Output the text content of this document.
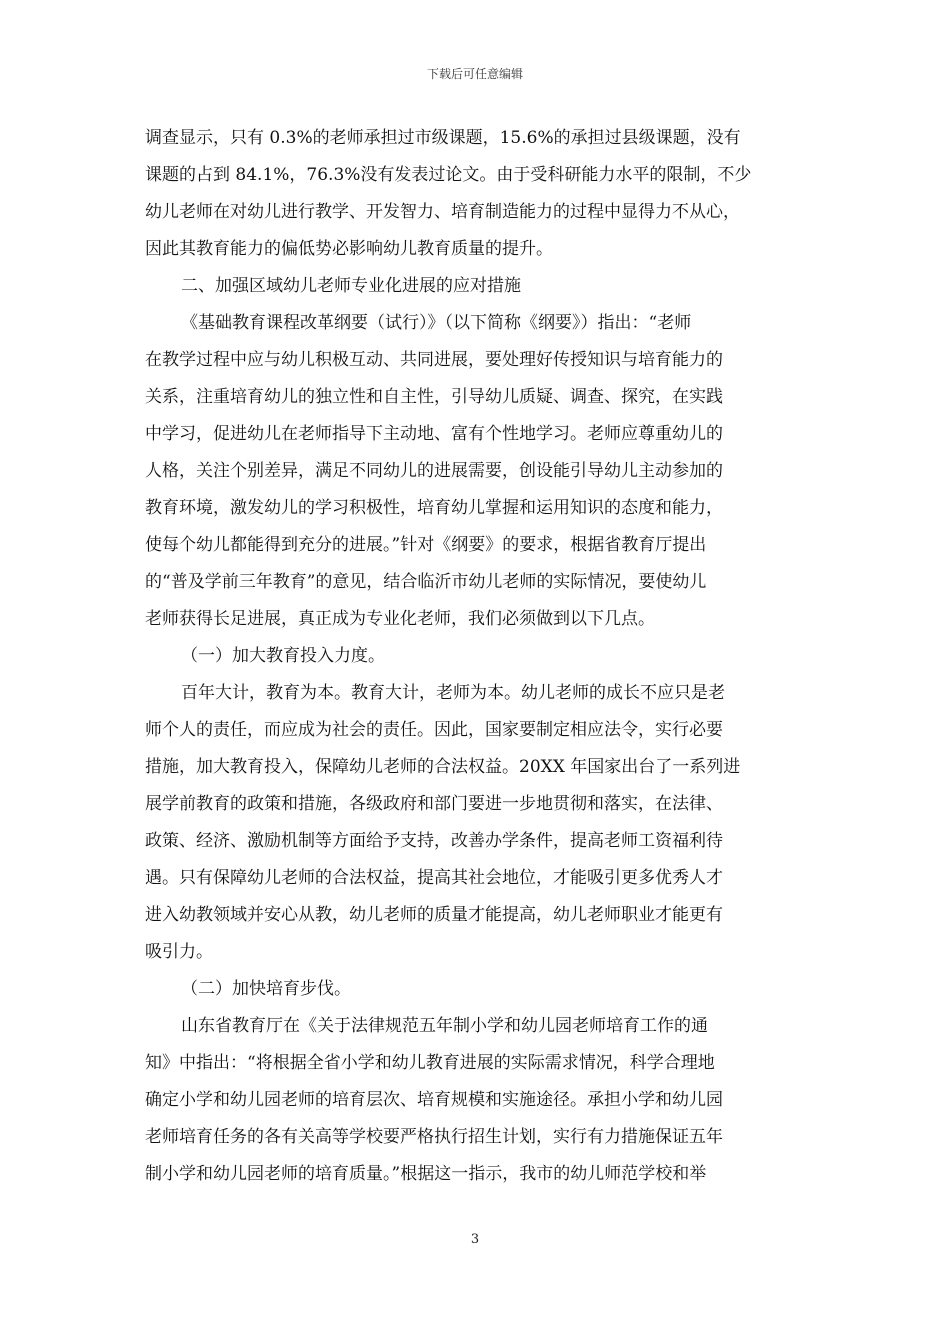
下载后可任意编辑
调查显示，只有 0.3%的老师承担过市级课题，15.6%的承担过县级课题，没有
课题的占到 84.1%，76.3%没有发表过论文。由于受科研能力水平的限制，不少
幼儿老师在对幼儿进行教学、开发智力、培育制造能力的过程中显得力不从心，
因此其教育能力的偏低势必影响幼儿教育质量的提升。
二、加强区域幼儿老师专业化进展的应对措施
《基础教育课程改革纲要（试行）》（以下简称《纲要》）指出：“老师
在教学过程中应与幼儿积极互动、共同进展，要处理好传授知识与培育能力的
关系，注重培育幼儿的独立性和自主性，引导幼儿质疑、调查、探究，在实践
中学习，促进幼儿在老师指导下主动地、富有个性地学习。老师应尊重幼儿的
人格，关注个别差异，满足不同幼儿的进展需要，创设能引导幼儿主动参加的
教育环境，激发幼儿的学习积极性，培育幼儿掌握和运用知识的态度和能力，
使每个幼儿都能得到充分的进展。”针对《纲要》的要求，根据省教育厅提出
的“普及学前三年教育”的意见，结合临沂市幼儿老师的实际情况，要使幼儿
老师获得长足进展，真正成为专业化老师，我们必须做到以下几点。
（一）加大教育投入力度。
百年大计，教育为本。教育大计，老师为本。幼儿老师的成长不应只是老
师个人的责任，而应成为社会的责任。因此，国家要制定相应法令，实行必要
措施，加大教育投入，保障幼儿老师的合法权益。20XX 年国家出台了一系列进
展学前教育的政策和措施，各级政府和部门要进一步地贯彻和落实，在法律、
政策、经济、激励机制等方面给予支持，改善办学条件，提高老师工资福利待
遇。只有保障幼儿老师的合法权益，提高其社会地位，才能吸引更多优秀人才
进入幼教领域并安心从教，幼儿老师的质量才能提高，幼儿老师职业才能更有
吸引力。
（二）加快培育步伐。
山东省教育厅在《关于法律规范五年制小学和幼儿园老师培育工作的通
知》中指出：“将根据全省小学和幼儿教育进展的实际需求情况，科学合理地
确定小学和幼儿园老师的培育层次、培育规模和实施途径。承担小学和幼儿园
老师培育任务的各有关高等学校要严格执行招生计划，实行有力措施保证五年
制小学和幼儿园老师的培育质量。”根据这一指示，我市的幼儿师范学校和举
3
